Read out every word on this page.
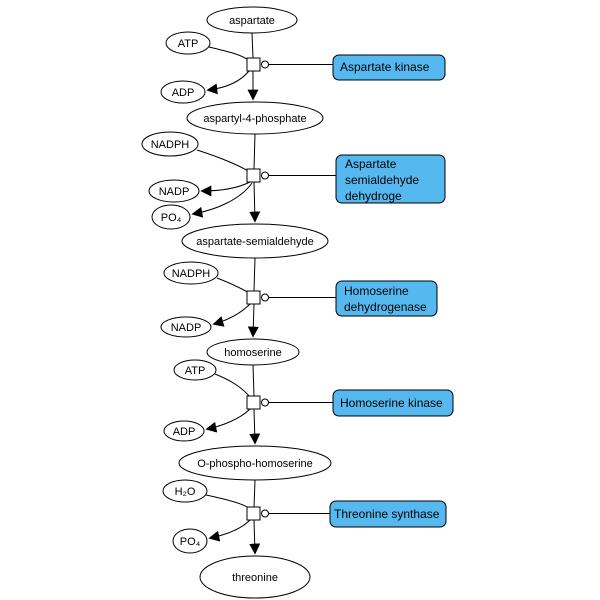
aspartate
ATP
ADP
aspartyl-4-phosphate
NADPH
NADP
PO₄
aspartate-semialdehyde
NADPH
NADP
homoserine
ATP
ADP
O-phospho-homoserine
H₂O
PO₄
threonine
Aspartate kinase
Aspartate
semialdehyde
dehydroge
Homoserine
dehydrogenase
Homoserine kinase
Threonine synthase
